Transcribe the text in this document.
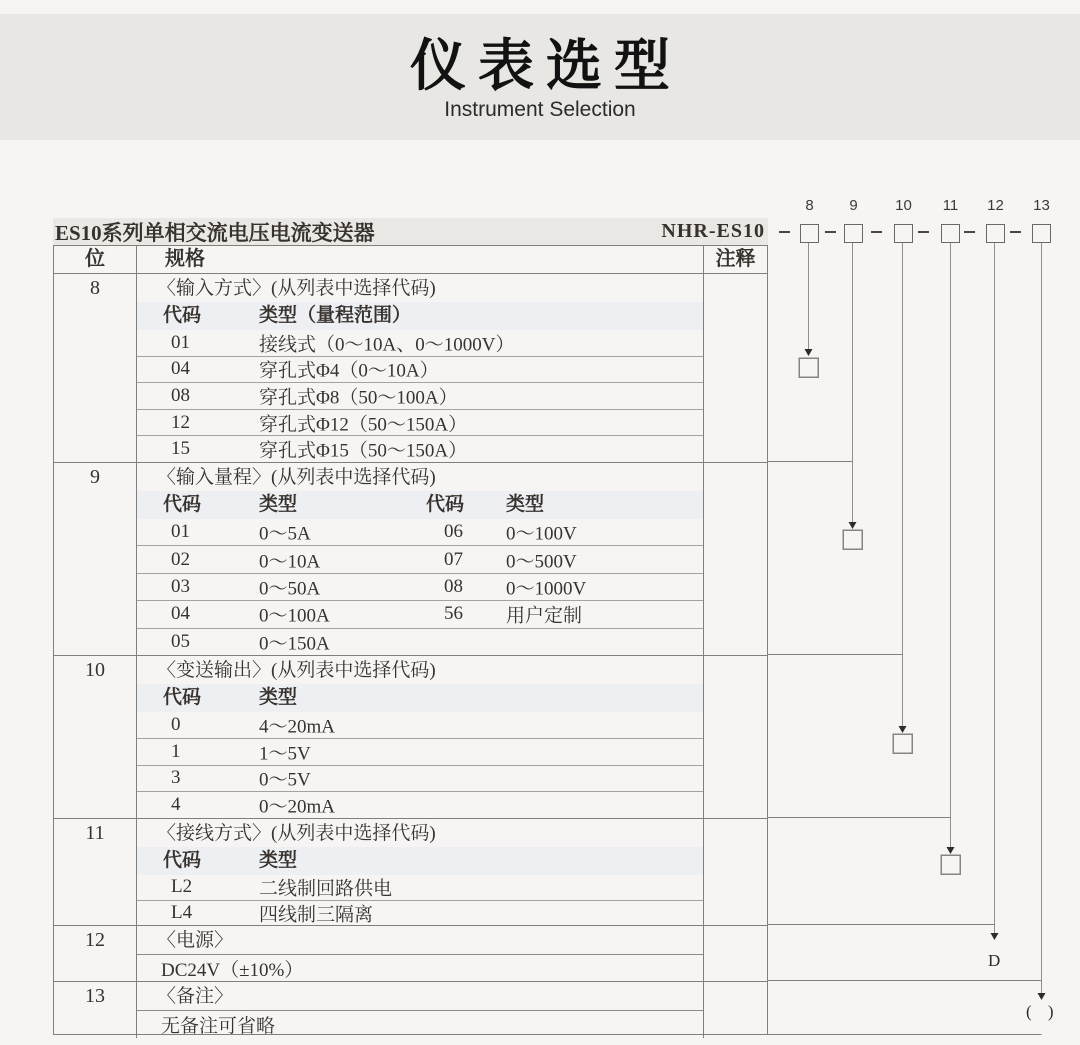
仪表选型
Instrument Selection
ES10系列单相交流电压电流变送器	NHR-ES10
位	规格	注释
8	〈输入方式〉(从列表中选择代码)
代码	类型（量程范围）
01	接线式（0～10A、0～1000V）
04	穿孔式Φ4（0～10A）
08	穿孔式Φ8（50～100A）
12	穿孔式Φ12（50～150A）
15	穿孔式Φ15（50～150A）
9	〈输入量程〉(从列表中选择代码)
代码	类型	代码 类型
01	0～5A	06 0～100V
02	0～10A	07 0～500V
03	0～50A	08 0～1000V
04	0～100A	56 用户定制
05	0～150A
10	〈变送输出〉(从列表中选择代码)
代码	类型
0	4～20mA
1	1～5V
3	0～5V
4	0～20mA
11	〈接线方式〉(从列表中选择代码)
代码	类型
L2	二线制回路供电
L4	四线制三隔离
12	〈电源〉
DC24V（±10%）
13	〈备注〉
无备注可省略
8	9	10	11	12	13
D
( )
